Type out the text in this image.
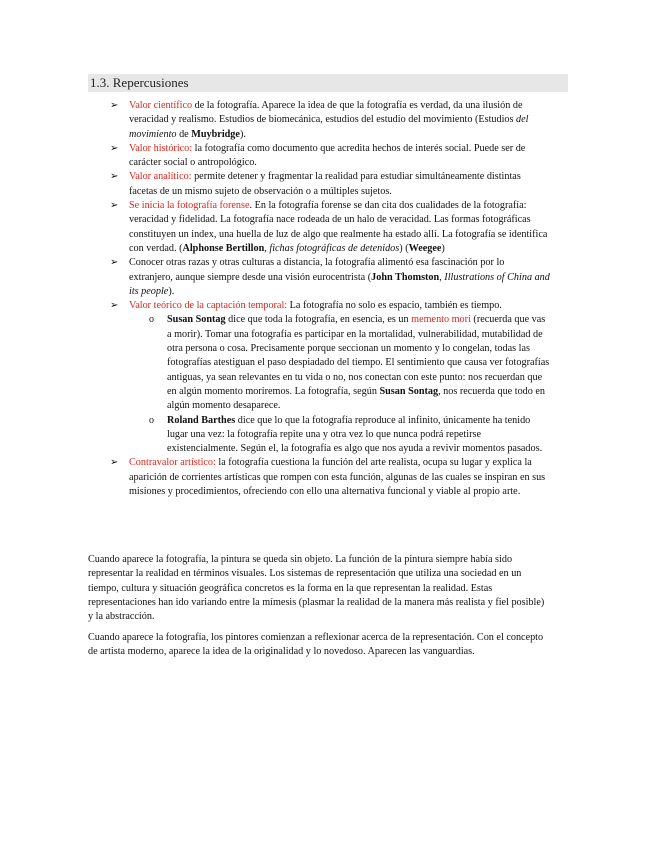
1.3. Repercusiones
➢ Valor científico de la fotografía. Aparece la idea de que la fotografía es verdad, da una ilusión de veracidad y realismo. Estudios de biomecánica, estudios del estudio del movimiento (Estudios del movimiento de Muybridge).
➢ Valor histórico: la fotografía como documento que acredita hechos de interés social. Puede ser de carácter social o antropológico.
➢ Valor analítico: permite detener y fragmentar la realidad para estudiar simultáneamente distintas facetas de un mismo sujeto de observación o a múltiples sujetos.
➢ Se inicia la fotografía forense. En la fotografía forense se dan cita dos cualidades de la fotografía: veracidad y fidelidad. La fotografía nace rodeada de un halo de veracidad. Las formas fotográficas constituyen un index, una huella de luz de algo que realmente ha estado allí. La fotografía se identifica con verdad. (Alphonse Bertillon, fichas fotográficas de detenidos) (Weegee)
➢ Conocer otras razas y otras culturas a distancia, la fotografía alimentó esa fascinación por lo extranjero, aunque siempre desde una visión eurocentrista (John Thomston, Illustrations of China and its people).
➢ Valor teórico de la captación temporal: La fotografía no solo es espacio, también es tiempo.
o Susan Sontag dice que toda la fotografía, en esencia, es un memento mori (recuerda que vas a morir). Tomar una fotografía es participar en la mortalidad, vulnerabilidad, mutabilidad de otra persona o cosa. Precisamente porque seccionan un momento y lo congelan, todas las fotografías atestiguan el paso despiadado del tiempo. El sentimiento que causa ver fotografías antiguas, ya sean relevantes en tu vida o no, nos conectan con este punto: nos recuerdan que en algún momento moriremos. La fotografía, según Susan Sontag, nos recuerda que todo en algún momento desaparece.
o Roland Barthes dice que lo que la fotografía reproduce al infinito, únicamente ha tenido lugar una vez: la fotografía repite una y otra vez lo que nunca podrá repetirse existencialmente. Según el, la fotografía es algo que nos ayuda a revivir momentos pasados.
➢ Contravalor artístico: la fotografía cuestiona la función del arte realista, ocupa su lugar y explica la aparición de corrientes artísticas que rompen con esta función, algunas de las cuales se inspiran en sus misiones y procedimientos, ofreciendo con ello una alternativa funcional y viable al propio arte.

Cuando aparece la fotografía, la pintura se queda sin objeto. La función de la pintura siempre había sido representar la realidad en términos visuales. Los sistemas de representación que utiliza una sociedad en un tiempo, cultura y situación geográfica concretos es la forma en la que representan la realidad. Estas representaciones han ido variando entre la mímesis (plasmar la realidad de la manera más realista y fiel posible) y la abstracción.

Cuando aparece la fotografía, los pintores comienzan a reflexionar acerca de la representación. Con el concepto de artista moderno, aparece la idea de la originalidad y lo novedoso. Aparecen las vanguardias.
